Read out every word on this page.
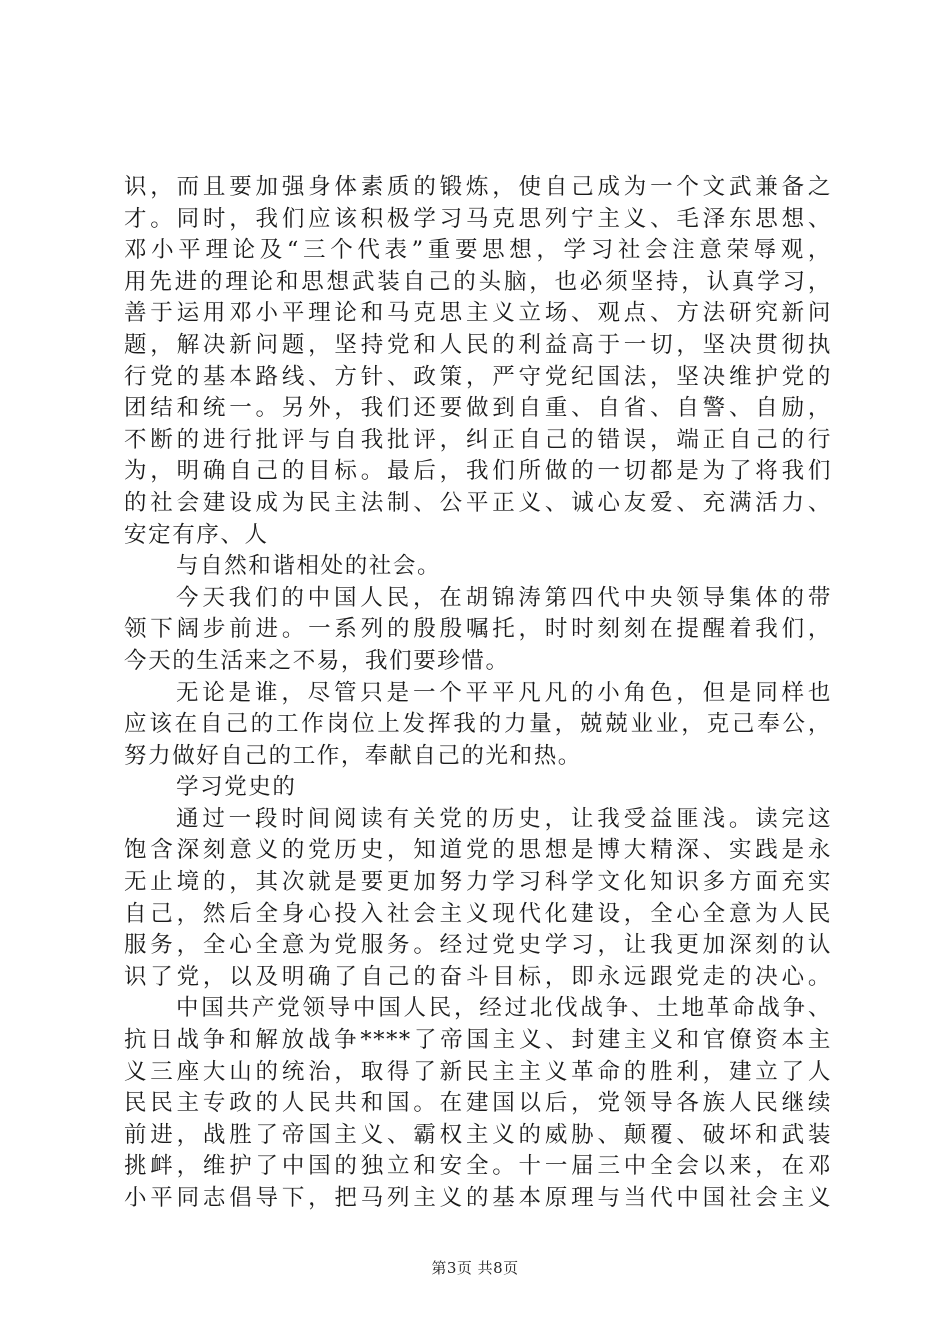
识，而且要加强身体素质的锻炼，使自己成为一个文武兼备之
才。同时，我们应该积极学习马克思列宁主义、毛泽东思想、
邓小平理论及“三个代表”重要思想，学习社会注意荣辱观，
用先进的理论和思想武装自己的头脑，也必须坚持，认真学习，
善于运用邓小平理论和马克思主义立场、观点、方法研究新问
题，解决新问题，坚持党和人民的利益高于一切，坚决贯彻执
行党的基本路线、方针、政策，严守党纪国法，坚决维护党的
团结和统一。另外，我们还要做到自重、自省、自警、自励，
不断的进行批评与自我批评，纠正自己的错误，端正自己的行
为，明确自己的目标。最后，我们所做的一切都是为了将我们
的社会建设成为民主法制、公平正义、诚心友爱、充满活力、
安定有序、人
与自然和谐相处的社会。
今天我们的中国人民，在胡锦涛第四代中央领导集体的带
领下阔步前进。一系列的殷殷嘱托，时时刻刻在提醒着我们，
今天的生活来之不易，我们要珍惜。
无论是谁，尽管只是一个平平凡凡的小角色，但是同样也
应该在自己的工作岗位上发挥我的力量，兢兢业业，克己奉公，
努力做好自己的工作，奉献自己的光和热。
学习党史的
通过一段时间阅读有关党的历史，让我受益匪浅。读完这
饱含深刻意义的党历史，知道党的思想是博大精深、实践是永
无止境的，其次就是要更加努力学习科学文化知识多方面充实
自己，然后全身心投入社会主义现代化建设，全心全意为人民
服务，全心全意为党服务。经过党史学习，让我更加深刻的认
识了党，以及明确了自己的奋斗目标，即永远跟党走的决心。
中国共产党领导中国人民，经过北伐战争、土地革命战争、
抗日战争和解放战争****了帝国主义、封建主义和官僚资本主
义三座大山的统治，取得了新民主主义革命的胜利，建立了人
民民主专政的人民共和国。在建国以后，党领导各族人民继续
前进，战胜了帝国主义、霸权主义的威胁、颠覆、破坏和武装
挑衅，维护了中国的独立和安全。十一届三中全会以来，在邓
小平同志倡导下，把马列主义的基本原理与当代中国社会主义
第3页 共8页
